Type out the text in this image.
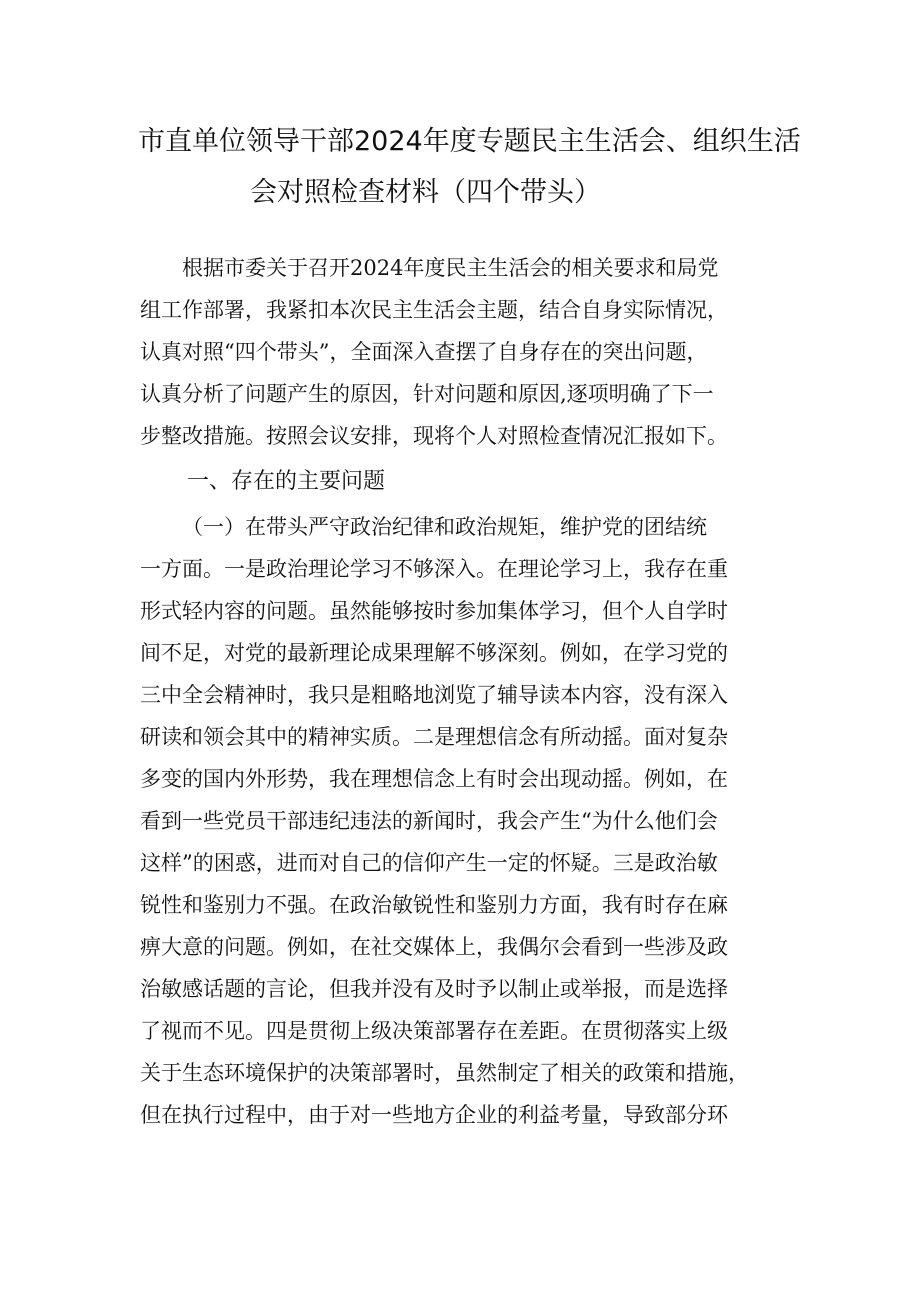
市直单位领导干部2024年度专题民主生活会、组织生活
会对照检查材料（四个带头）
根据市委关于召开2024年度民主生活会的相关要求和局党
组工作部署，我紧扣本次民主生活会主题，结合自身实际情况，
认真对照“四个带头”，全面深入查摆了自身存在的突出问题，
认真分析了问题产生的原因，针对问题和原因,逐项明确了下一
步整改措施。按照会议安排，现将个人对照检查情况汇报如下。
一、存在的主要问题
（一）在带头严守政治纪律和政治规矩，维护党的团结统
一方面。一是政治理论学习不够深入。在理论学习上，我存在重
形式轻内容的问题。虽然能够按时参加集体学习，但个人自学时
间不足，对党的最新理论成果理解不够深刻。例如，在学习党的
三中全会精神时，我只是粗略地浏览了辅导读本内容，没有深入
研读和领会其中的精神实质。二是理想信念有所动摇。面对复杂
多变的国内外形势，我在理想信念上有时会出现动摇。例如，在
看到一些党员干部违纪违法的新闻时，我会产生“为什么他们会
这样”的困惑，进而对自己的信仰产生一定的怀疑。三是政治敏
锐性和鉴别力不强。在政治敏锐性和鉴别力方面，我有时存在麻
痹大意的问题。例如，在社交媒体上，我偶尔会看到一些涉及政
治敏感话题的言论，但我并没有及时予以制止或举报，而是选择
了视而不见。四是贯彻上级决策部署存在差距。在贯彻落实上级
关于生态环境保护的决策部署时，虽然制定了相关的政策和措施，
但在执行过程中，由于对一些地方企业的利益考量，导致部分环
